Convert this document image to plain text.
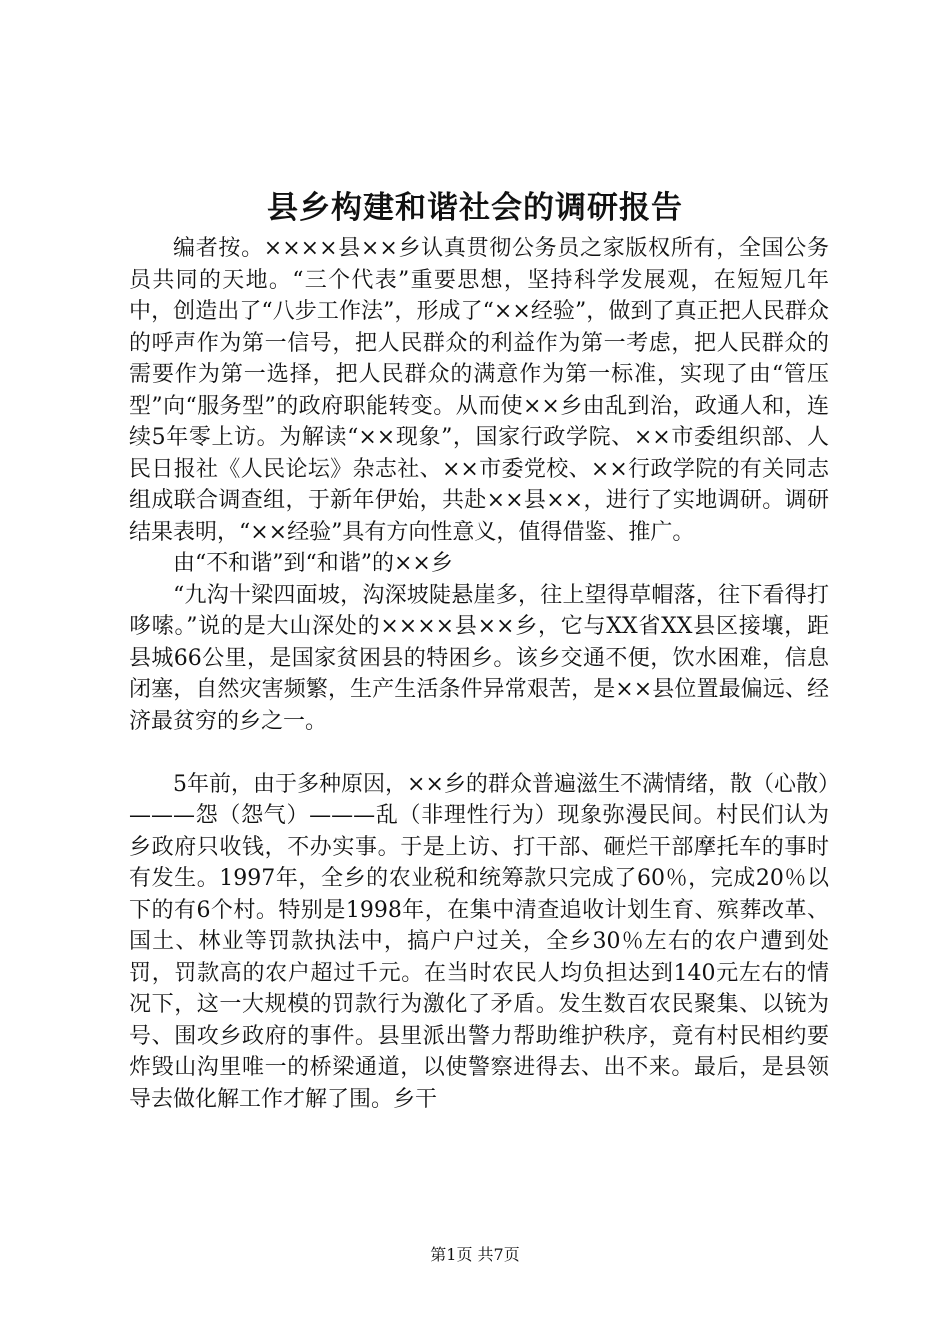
县乡构建和谐社会的调研报告

编者按。××××县××乡认真贯彻公务员之家版权所有，全国公务员共同的天地。“三个代表”重要思想，坚持科学发展观，在短短几年中，创造出了“八步工作法”，形成了“××经验”，做到了真正把人民群众的呼声作为第一信号，把人民群众的利益作为第一考虑，把人民群众的需要作为第一选择，把人民群众的满意作为第一标准，实现了由“管压型”向“服务型”的政府职能转变。从而使××乡由乱到治，政通人和，连续5年零上访。为解读“××现象”，国家行政学院、××市委组织部、人民日报社《人民论坛》杂志社、××市委党校、××行政学院的有关同志组成联合调查组，于新年伊始，共赴××县××，进行了实地调研。调研结果表明，“××经验”具有方向性意义，值得借鉴、推广。

由“不和谐”到“和谐”的××乡

“九沟十梁四面坡，沟深坡陡悬崖多，往上望得草帽落，往下看得打哆嗦。”说的是大山深处的××××县××乡，它与XX省XX县区接壤，距县城66公里，是国家贫困县的特困乡。该乡交通不便，饮水困难，信息闭塞，自然灾害频繁，生产生活条件异常艰苦，是××县位置最偏远、经济最贫穷的乡之一。

5年前，由于多种原因，××乡的群众普遍滋生不满情绪，散（心散）———怨（怨气）———乱（非理性行为）现象弥漫民间。村民们认为乡政府只收钱，不办实事。于是上访、打干部、砸烂干部摩托车的事时有发生。1997年，全乡的农业税和统筹款只完成了60％，完成20％以下的有6个村。特别是1998年，在集中清查追收计划生育、殡葬改革、国土、林业等罚款执法中，搞户户过关，全乡30％左右的农户遭到处罚，罚款高的农户超过千元。在当时农民人均负担达到140元左右的情况下，这一大规模的罚款行为激化了矛盾。发生数百农民聚集、以铳为号、围攻乡政府的事件。县里派出警力帮助维护秩序，竟有村民相约要炸毁山沟里唯一的桥梁通道，以使警察进得去、出不来。最后，是县领导去做化解工作才解了围。乡干

第1页 共7页
